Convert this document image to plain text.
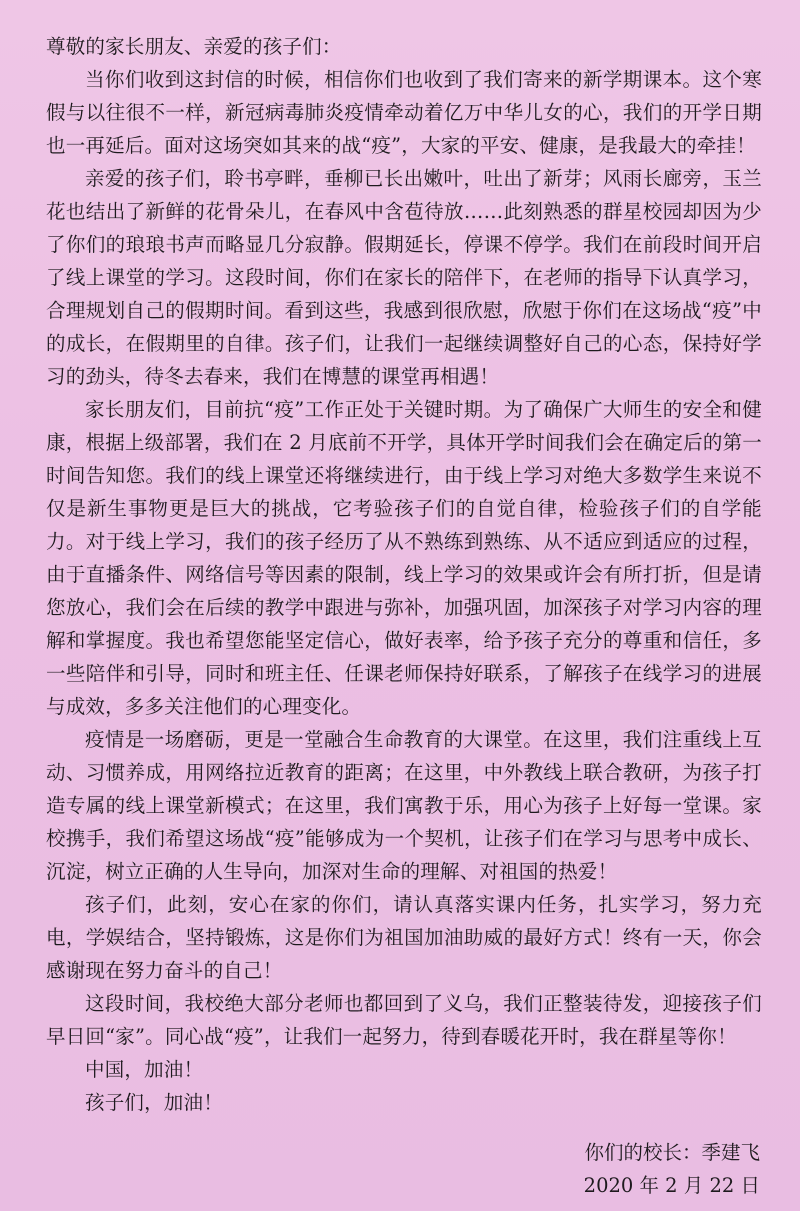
尊敬的家长朋友、亲爱的孩子们：

当你们收到这封信的时候，相信你们也收到了我们寄来的新学期课本。这个寒假与以往很不一样，新冠病毒肺炎疫情牵动着亿万中华儿女的心，我们的开学日期也一再延后。面对这场突如其来的战“疫”，大家的平安、健康，是我最大的牵挂！

亲爱的孩子们，聆书亭畔，垂柳已长出嫩叶，吐出了新芽；风雨长廊旁，玉兰花也结出了新鲜的花骨朵儿，在春风中含苞待放……此刻熟悉的群星校园却因为少了你们的琅琅书声而略显几分寂静。假期延长，停课不停学。我们在前段时间开启了线上课堂的学习。这段时间，你们在家长的陪伴下，在老师的指导下认真学习，合理规划自己的假期时间。看到这些，我感到很欣慰，欣慰于你们在这场战“疫”中的成长，在假期里的自律。孩子们，让我们一起继续调整好自己的心态，保持好学习的劲头，待冬去春来，我们在博慧的课堂再相遇！

家长朋友们，目前抗“疫”工作正处于关键时期。为了确保广大师生的安全和健康，根据上级部署，我们在 2 月底前不开学，具体开学时间我们会在确定后的第一时间告知您。我们的线上课堂还将继续进行，由于线上学习对绝大多数学生来说不仅是新生事物更是巨大的挑战，它考验孩子们的自觉自律，检验孩子们的自学能力。对于线上学习，我们的孩子经历了从不熟练到熟练、从不适应到适应的过程，由于直播条件、网络信号等因素的限制，线上学习的效果或许会有所打折，但是请您放心，我们会在后续的教学中跟进与弥补，加强巩固，加深孩子对学习内容的理解和掌握度。我也希望您能坚定信心，做好表率，给予孩子充分的尊重和信任，多一些陪伴和引导，同时和班主任、任课老师保持好联系，了解孩子在线学习的进展与成效，多多关注他们的心理变化。

疫情是一场磨砺，更是一堂融合生命教育的大课堂。在这里，我们注重线上互动、习惯养成，用网络拉近教育的距离；在这里，中外教线上联合教研，为孩子打造专属的线上课堂新模式；在这里，我们寓教于乐，用心为孩子上好每一堂课。家校携手，我们希望这场战“疫”能够成为一个契机，让孩子们在学习与思考中成长、沉淀，树立正确的人生导向，加深对生命的理解、对祖国的热爱！

孩子们，此刻，安心在家的你们，请认真落实课内任务，扎实学习，努力充电，学娱结合，坚持锻炼，这是你们为祖国加油助威的最好方式！终有一天，你会感谢现在努力奋斗的自己！

这段时间，我校绝大部分老师也都回到了义乌，我们正整装待发，迎接孩子们早日回“家”。同心战“疫”，让我们一起努力，待到春暖花开时，我在群星等你！

中国，加油！

孩子们，加油！

你们的校长：季建飞
2020 年 2 月 22 日
